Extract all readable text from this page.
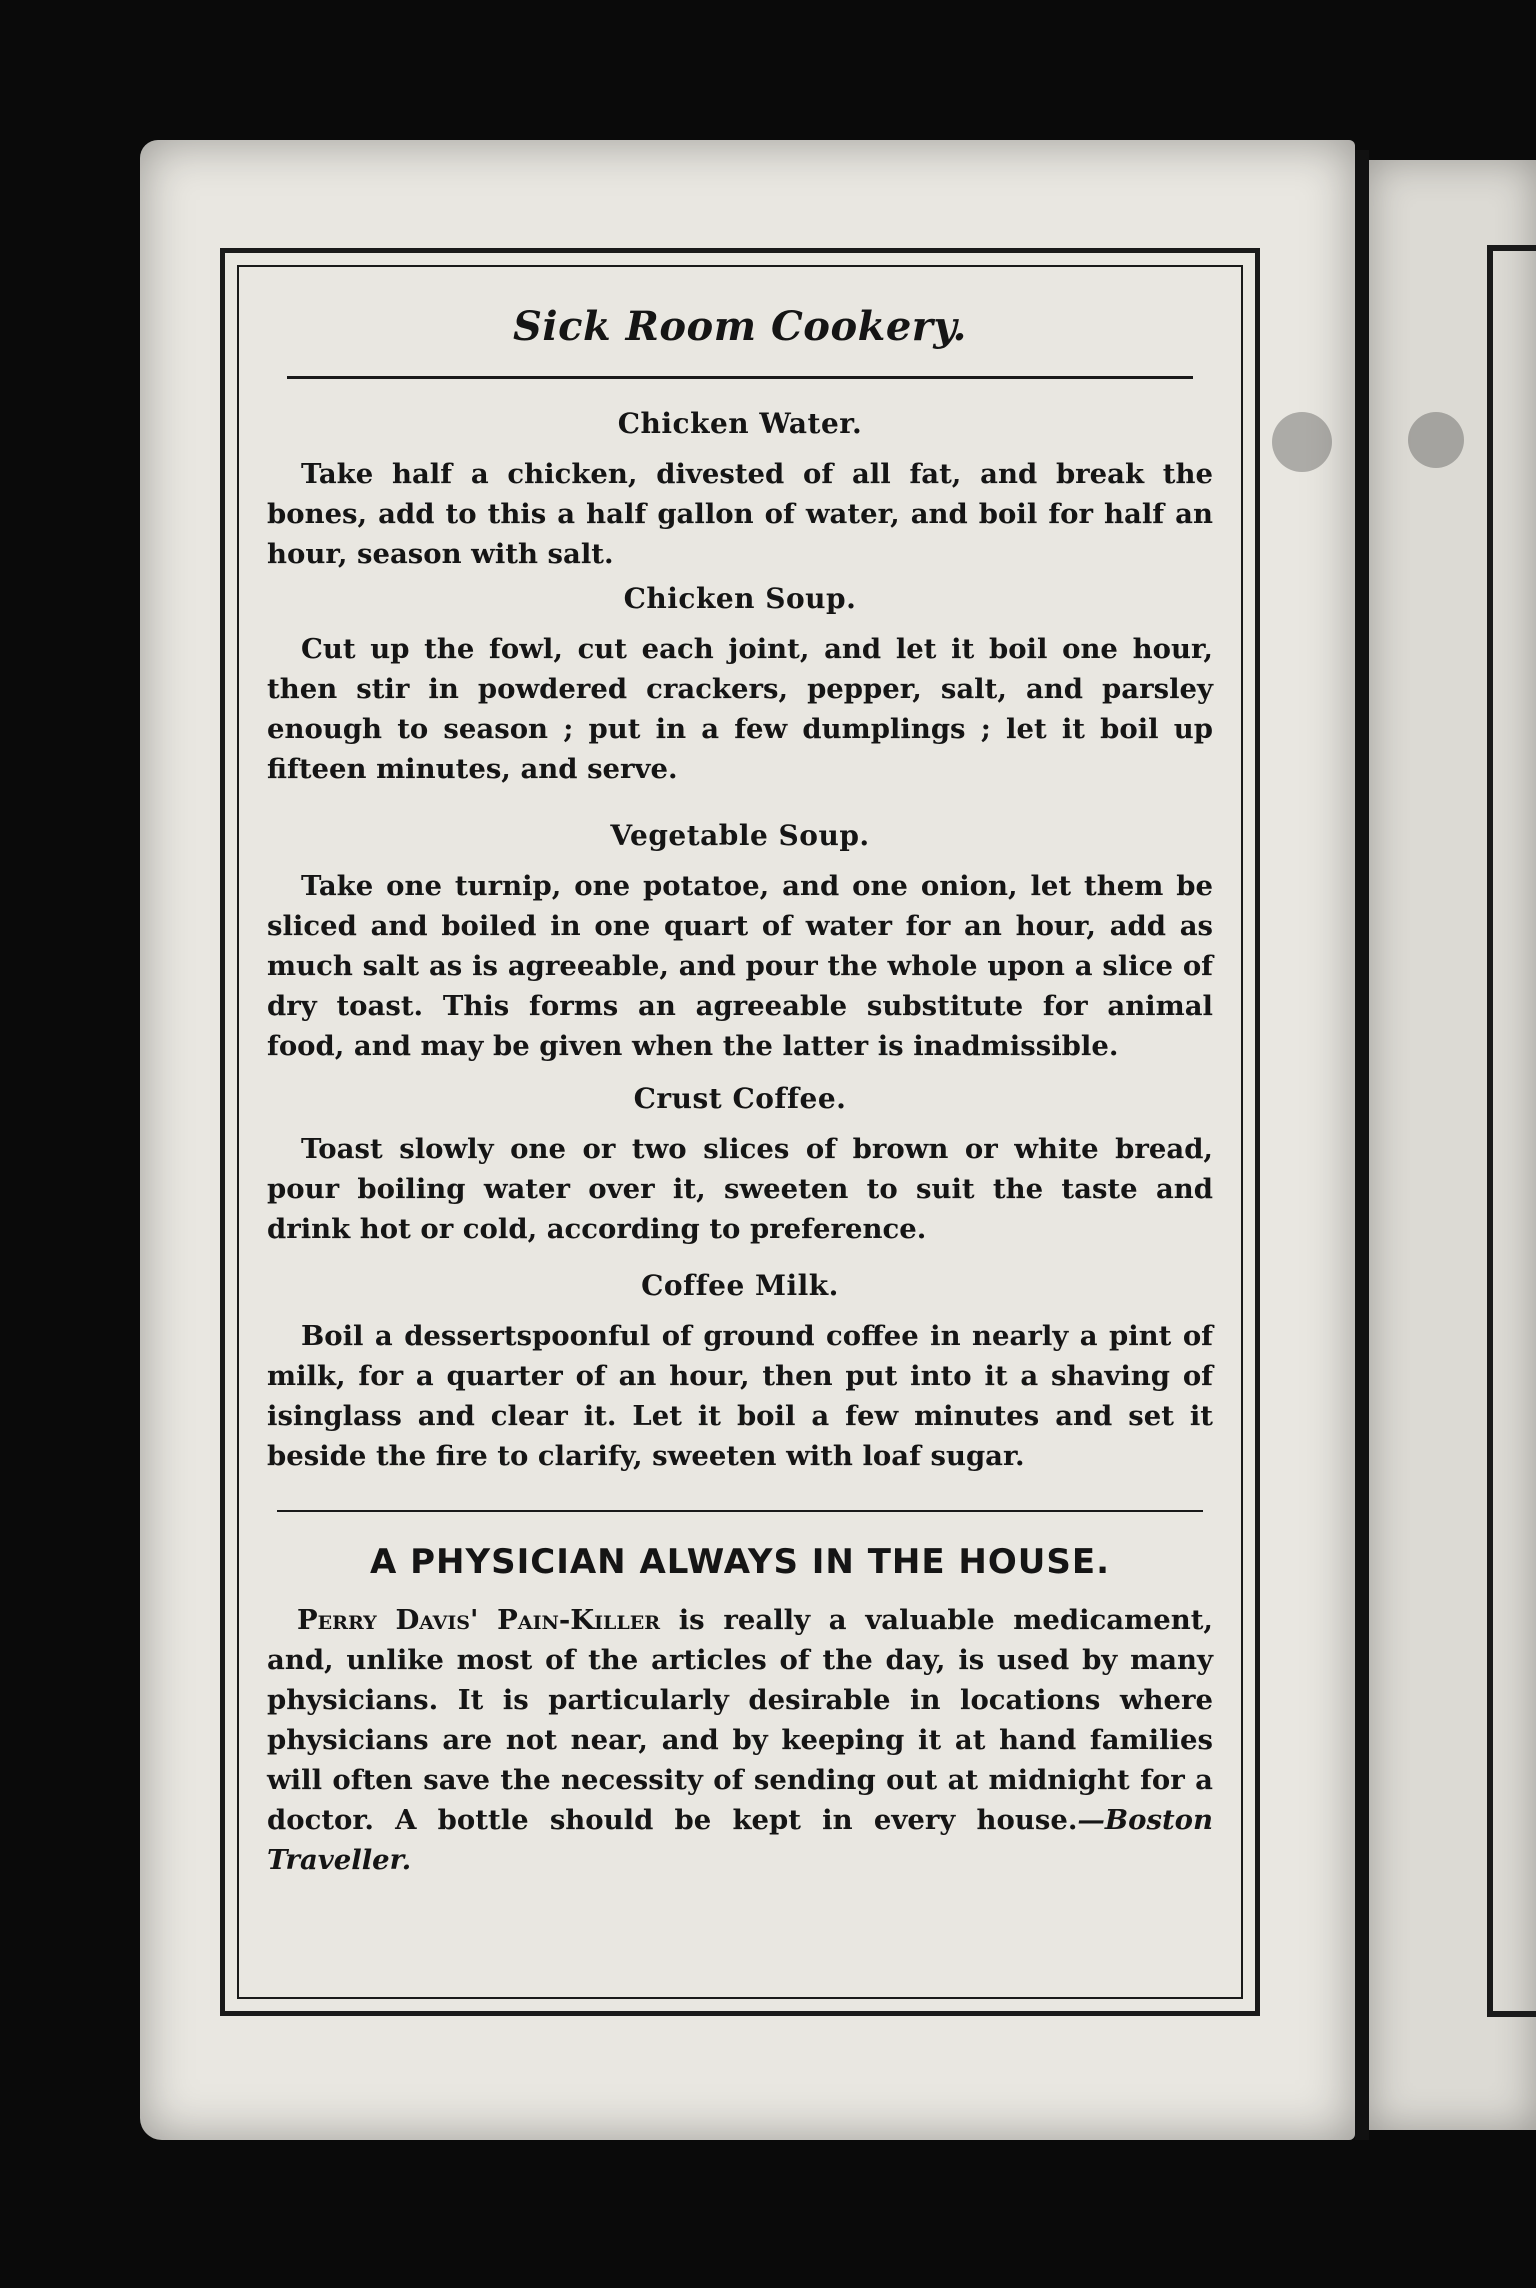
Sick Room Cookery.
Chicken Water.

Take half a chicken, divested of all fat, and break the bones, add to this a half gallon of water, and boil for half an hour, season with salt.

Chicken Soup.

Cut up the fowl, cut each joint, and let it boil one hour, then stir in powdered crackers, pepper, salt, and parsley enough to season ; put in a few dumplings ; let it boil up fifteen minutes, and serve.

Vegetable Soup.

Take one turnip, one potatoe, and one onion, let them be sliced and boiled in one quart of water for an hour, add as much salt as is agreeable, and pour the whole upon a slice of dry toast. This forms an agreeable substitute for animal food, and may be given when the latter is inadmissible.

Crust Coffee.

Toast slowly one or two slices of brown or white bread, pour boiling water over it, sweeten to suit the taste and drink hot or cold, according to preference.

Coffee Milk.

Boil a dessertspoonful of ground coffee in nearly a pint of milk, for a quarter of an hour, then put into it a shaving of isinglass and clear it. Let it boil a few minutes and set it beside the fire to clarify, sweeten with loaf sugar.

A PHYSICIAN ALWAYS IN THE HOUSE.

Perry Davis' Pain-Killer is really a valuable medicament, and, unlike most of the articles of the day, is used by many physicians. It is particularly desirable in locations where physicians are not near, and by keeping it at hand families will often save the necessity of sending out at midnight for a doctor. A bottle should be kept in every house.—Boston Traveller.
